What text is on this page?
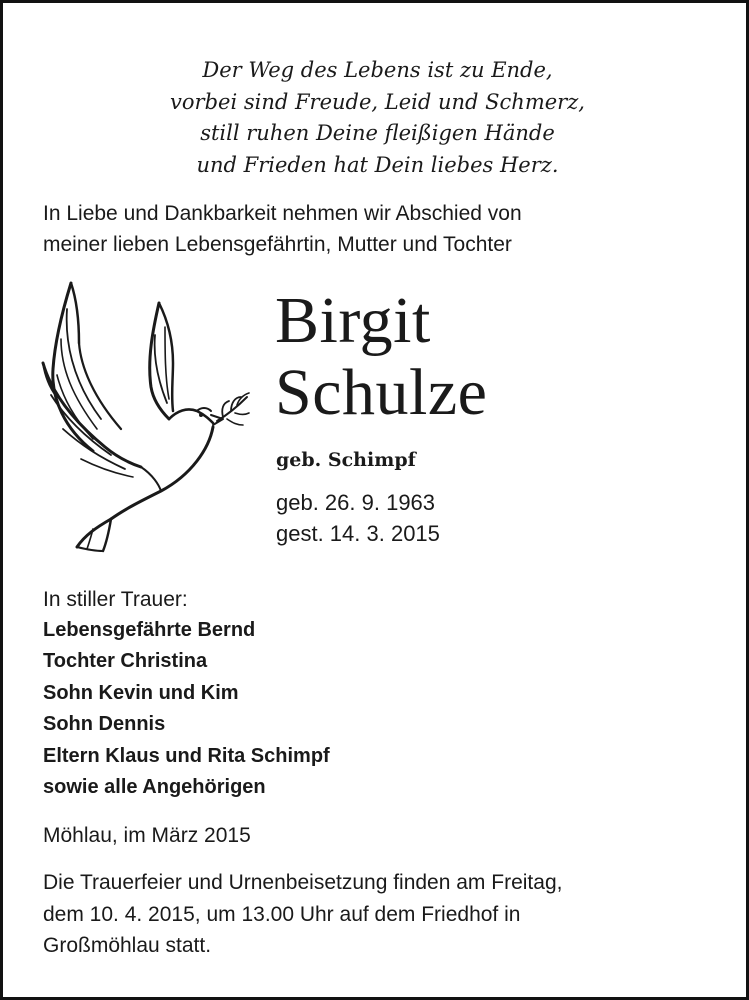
Der Weg des Lebens ist zu Ende,
vorbei sind Freude, Leid und Schmerz,
still ruhen Deine fleißigen Hände
und Frieden hat Dein liebes Herz.
In Liebe und Dankbarkeit nehmen wir Abschied von
meiner lieben Lebensgefährtin, Mutter und Tochter
Birgit
Schulze
geb. Schimpf
geb. 26. 9. 1963
gest. 14. 3. 2015
In stiller Trauer:
Lebensgefährte Bernd
Tochter Christina
Sohn Kevin und Kim
Sohn Dennis
Eltern Klaus und Rita Schimpf
sowie alle Angehörigen
Möhlau, im März 2015
Die Trauerfeier und Urnenbeisetzung finden am Freitag,
dem 10. 4. 2015, um 13.00 Uhr auf dem Friedhof in
Großmöhlau statt.
